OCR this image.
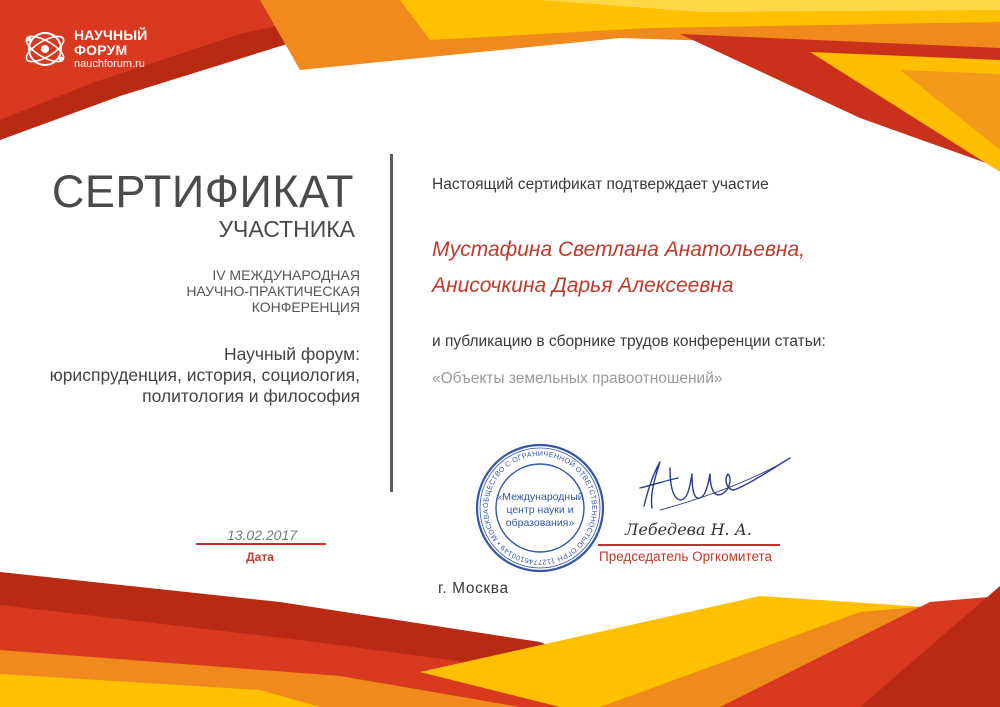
НАУЧНЫЙ
ФОРУМ
nauchforum.ru
СЕРТИФИКАТ
УЧАСТНИКА
IV МЕЖДУНАРОДНАЯ
НАУЧНО-ПРАКТИЧЕСКАЯ
КОНФЕРЕНЦИЯ
Научный форум:
юриспруденция, история, социология,
политология и философия
13.02.2017
Дата
Настоящий сертификат подтверждает участие
Мустафина Светлана Анатольевна,
Анисочкина Дарья Алексеевна
и публикацию в сборнике трудов конференции статьи:
«Объекты земельных правоотношений»
ОБЩЕСТВО С ОГРАНИЧЕННОЙ ОТВЕТСТВЕННОСТЬЮ ОГРН 1127746100149 • МОСКВА
«Международный
центр науки и
образования»	Лебедева Н. А.
Председатель Оргкомитета
г. Москва
